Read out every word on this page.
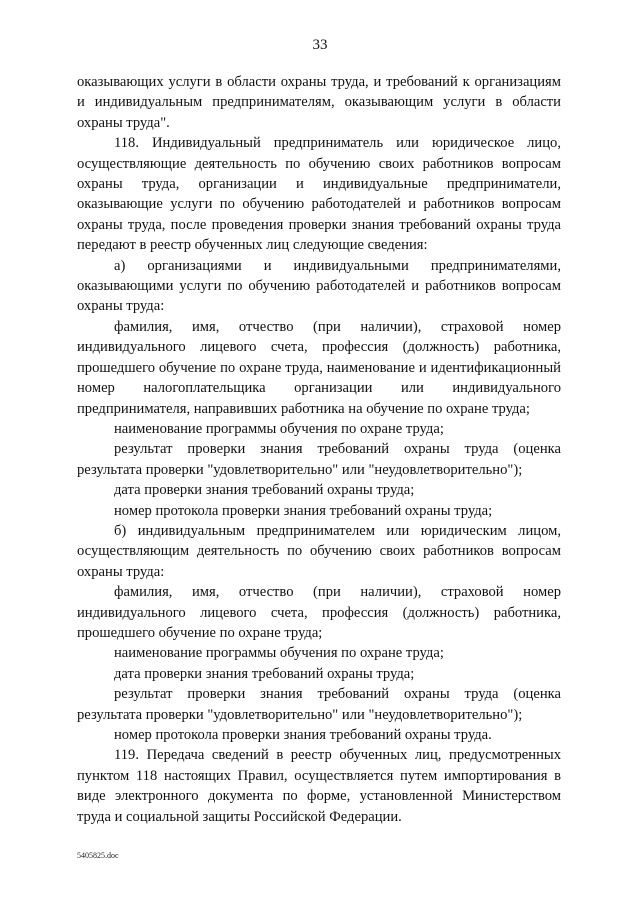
33

оказывающих услуги в области охраны труда, и требований к организациям и индивидуальным предпринимателям, оказывающим услуги в области охраны труда".

118. Индивидуальный предприниматель или юридическое лицо, осуществляющие деятельность по обучению своих работников вопросам охраны труда, организации и индивидуальные предприниматели, оказывающие услуги по обучению работодателей и работников вопросам охраны труда, после проведения проверки знания требований охраны труда передают в реестр обученных лиц следующие сведения:

а) организациями и индивидуальными предпринимателями, оказывающими услуги по обучению работодателей и работников вопросам охраны труда:

фамилия, имя, отчество (при наличии), страховой номер индивидуального лицевого счета, профессия (должность) работника, прошедшего обучение по охране труда, наименование и идентификационный номер налогоплательщика организации или индивидуального предпринимателя, направивших работника на обучение по охране труда;

наименование программы обучения по охране труда;

результат проверки знания требований охраны труда (оценка результата проверки "удовлетворительно" или "неудовлетворительно");

дата проверки знания требований охраны труда;

номер протокола проверки знания требований охраны труда;

б) индивидуальным предпринимателем или юридическим лицом, осуществляющим деятельность по обучению своих работников вопросам охраны труда:

фамилия, имя, отчество (при наличии), страховой номер индивидуального лицевого счета, профессия (должность) работника, прошедшего обучение по охране труда;

наименование программы обучения по охране труда;

дата проверки знания требований охраны труда;

результат проверки знания требований охраны труда (оценка результата проверки "удовлетворительно" или "неудовлетворительно");

номер протокола проверки знания требований охраны труда.

119. Передача сведений в реестр обученных лиц, предусмотренных пунктом 118 настоящих Правил, осуществляется путем импортирования в виде электронного документа по форме, установленной Министерством труда и социальной защиты Российской Федерации.

5405825.doc
